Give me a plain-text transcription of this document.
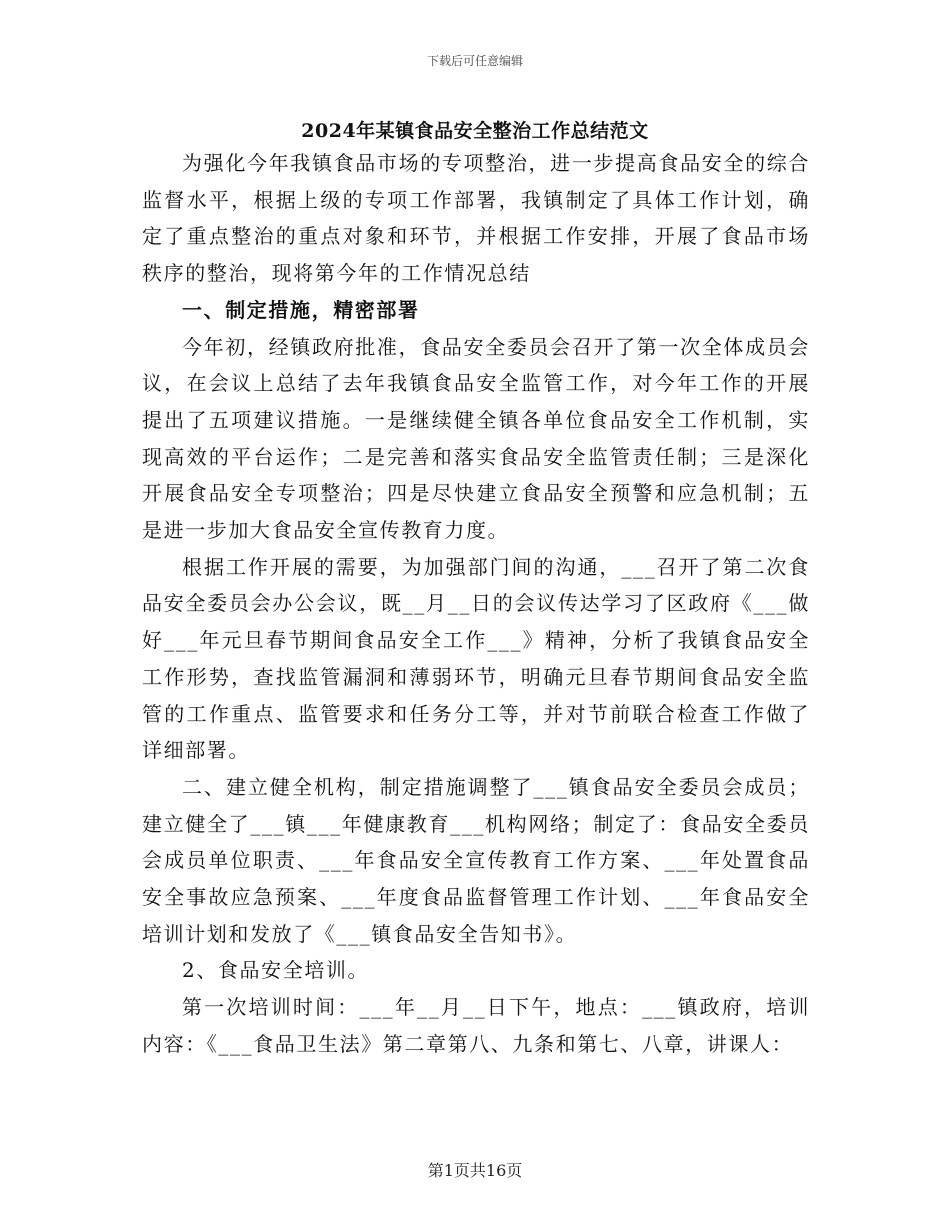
下载后可任意编辑
2024年某镇食品安全整治工作总结范文

为强化今年我镇食品市场的专项整治，进一步提高食品安全的综合监督水平，根据上级的专项工作部署，我镇制定了具体工作计划，确定了重点整治的重点对象和环节，并根据工作安排，开展了食品市场秩序的整治，现将第今年的工作情况总结

一、制定措施，精密部署

今年初，经镇政府批准，食品安全委员会召开了第一次全体成员会议，在会议上总结了去年我镇食品安全监管工作，对今年工作的开展提出了五项建议措施。一是继续健全镇各单位食品安全工作机制，实现高效的平台运作；二是完善和落实食品安全监管责任制；三是深化开展食品安全专项整治；四是尽快建立食品安全预警和应急机制；五是进一步加大食品安全宣传教育力度。

根据工作开展的需要，为加强部门间的沟通，___召开了第二次食品安全委员会办公会议，既__月__日的会议传达学习了区政府《___做好___年元旦春节期间食品安全工作___》精神，分析了我镇食品安全工作形势，查找监管漏洞和薄弱环节，明确元旦春节期间食品安全监管的工作重点、监管要求和任务分工等，并对节前联合检查工作做了详细部署。

二、建立健全机构，制定措施调整了___镇食品安全委员会成员；建立健全了___镇___年健康教育___机构网络；制定了：食品安全委员会成员单位职责、___年食品安全宣传教育工作方案、___年处置食品安全事故应急预案、___年度食品监督管理工作计划、___年食品安全培训计划和发放了《___镇食品安全告知书》。

2、食品安全培训。

第一次培训时间：___年__月__日下午，地点：___镇政府，培训内容：《___食品卫生法》第二章第八、九条和第七、八章，讲课人：

第1页共16页
